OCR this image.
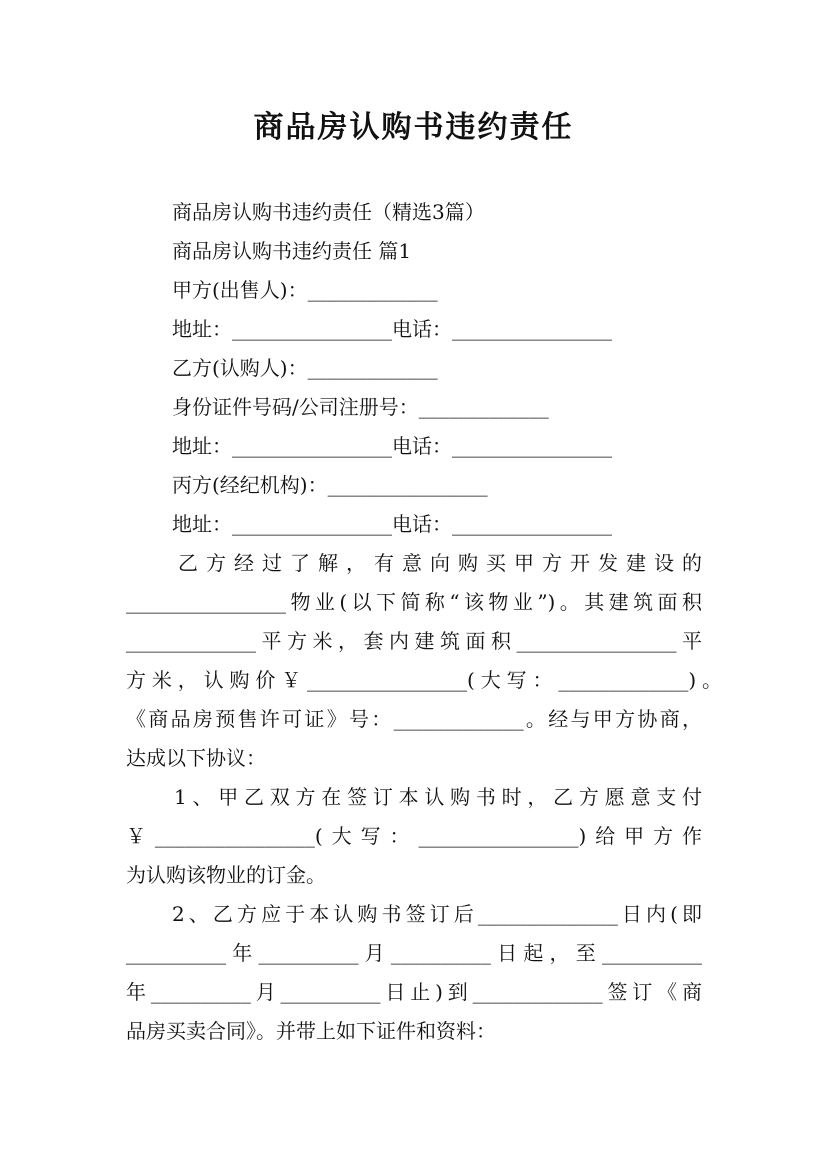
商品房认购书违约责任
商品房认购书违约责任（精选3篇）
商品房认购书违约责任 篇1
甲方(出售人)：_____________
地址：________________电话：________________
乙方(认购人)：_____________
身份证件号码/公司注册号：_____________
地址：________________电话：________________
丙方(经纪机构)：________________
地址：________________电话：________________
乙方经过了解，有意向购买甲方开发建设的
________________物业(以下简称“该物业”)。其建筑面积
_____________平方米，套内建筑面积________________平
方米，认购价￥________________(大写：_____________)。
《商品房预售许可证》号：_____________。经与甲方协商，
达成以下协议：
1、甲乙双方在签订本认购书时，乙方愿意支付
￥________________(大写：________________)给甲方作
为认购该物业的订金。
2、乙方应于本认购书签订后______________日内(即
__________年__________月__________日起，至__________
年__________月__________日止)到_____________签订《商
品房买卖合同》。并带上如下证件和资料：
